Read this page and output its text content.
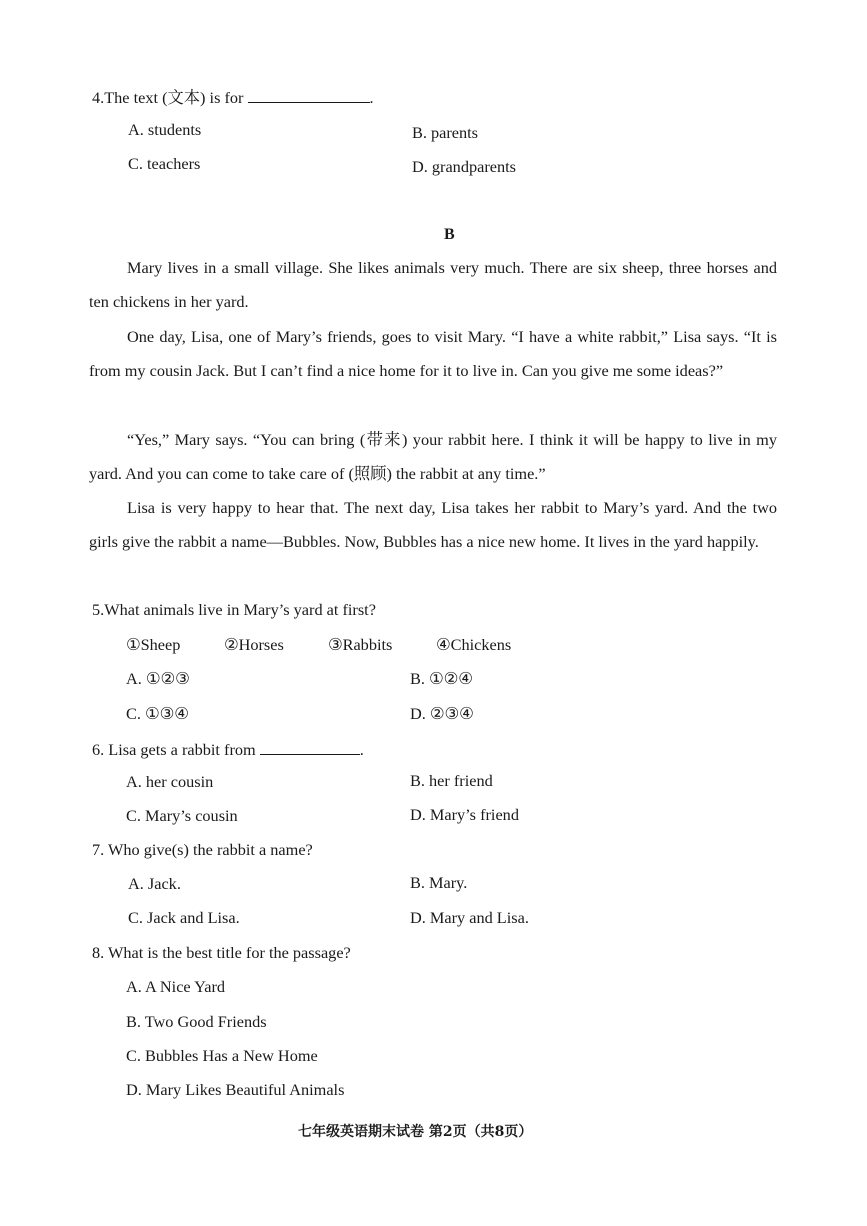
4.The text (文本) is for	.
A. students	B. parents
C. teachers	D. grandparents
B
Mary lives in a small village. She likes animals very much. There are six sheep, three horses and ten chickens in her yard.
One day, Lisa, one of Mary’s friends, goes to visit Mary. “I have a white rabbit,” Lisa says. “It is from my cousin Jack. But I can’t find a nice home for it to live in. Can you give me some ideas?”
“Yes,” Mary says. “You can bring (带来) your rabbit here. I think it will be happy to live in my yard. And you can come to take care of (照顾) the rabbit at any time.”
Lisa is very happy to hear that. The next day, Lisa takes her rabbit to Mary’s yard. And the two girls give the rabbit a name—Bubbles. Now, Bubbles has a nice new home. It lives in the yard happily.
5.What animals live in Mary’s yard at first?
①Sheep	②Horses	③Rabbits	④Chickens
A. ①②③	B. ①②④
C. ①③④	D. ②③④
6. Lisa gets a rabbit from	.
A. her cousin	B. her friend
C. Mary’s cousin	D. Mary’s friend
7. Who give(s) the rabbit a name?
A. Jack.	B. Mary.
C. Jack and Lisa.	D. Mary and Lisa.
8. What is the best title for the passage?
A. A Nice Yard
B. Two Good Friends
C. Bubbles Has a New Home
D. Mary Likes Beautiful Animals
七年级英语期末试卷 第2页（共8页）
